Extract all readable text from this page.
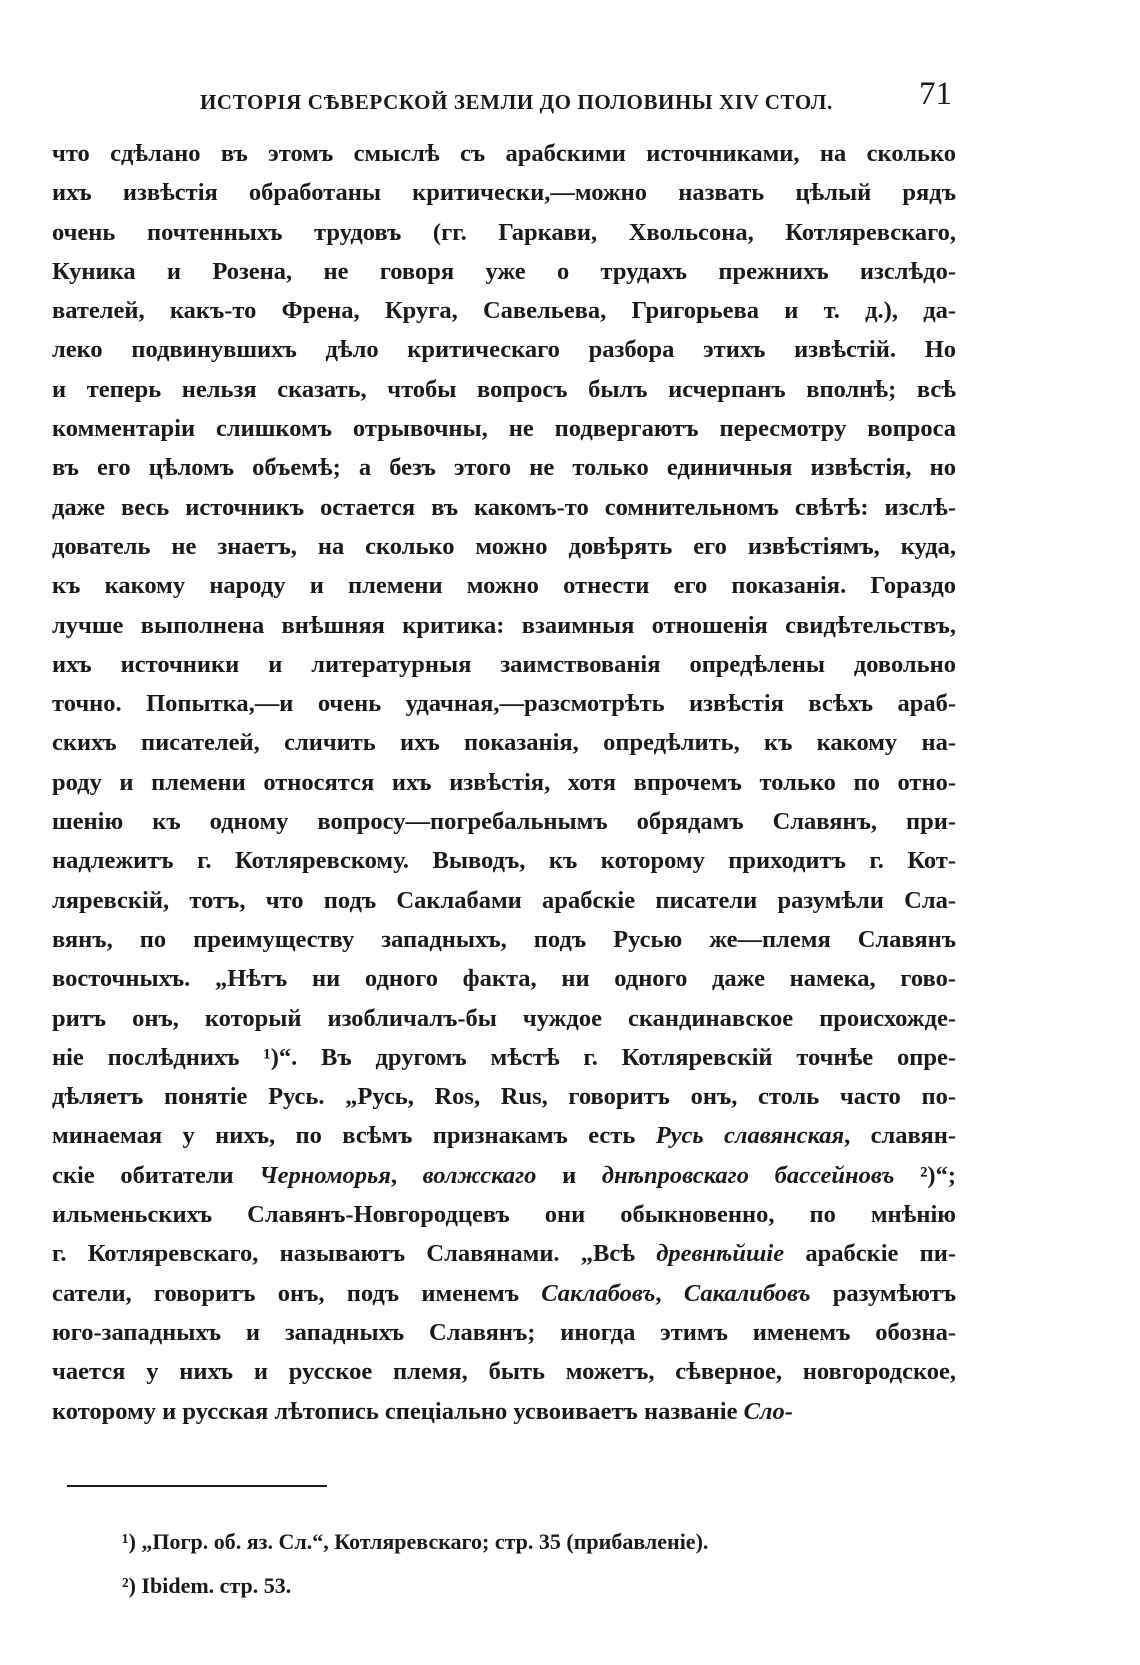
ИСТОРІЯ СѢВЕРСКОЙ ЗЕМЛИ ДО ПОЛОВИНЫ XIV СТОЛ.	71
что сдѣлано въ этомъ смыслѣ съ арабскими источниками, на сколько
ихъ извѣстія обработаны критически,—можно назвать цѣлый рядъ
очень почтенныхъ трудовъ (гг. Гаркави, Хвольсона, Котляревскаго,
Куника и Розена, не говоря уже о трудахъ прежнихъ изслѣдо-
вателей, какъ-то Френа, Круга, Савельева, Григорьева и т. д.), да-
леко подвинувшихъ дѣло критическаго разбора этихъ извѣстій. Но
и теперь нельзя сказать, чтобы вопросъ былъ исчерпанъ вполнѣ; всѣ
комментаріи слишкомъ отрывочны, не подвергаютъ пересмотру вопроса
въ его цѣломъ объемѣ; а безъ этого не только единичныя извѣстія, но
даже весь источникъ остается въ какомъ-то сомнительномъ свѣтѣ: изслѣ-
дователь не знаетъ, на сколько можно довѣрять его извѣстіямъ, куда,
къ какому народу и племени можно отнести его показанія. Гораздо
лучше выполнена внѣшняя критика: взаимныя отношенія свидѣтельствъ,
ихъ источники и литературныя заимствованія опредѣлены довольно
точно. Попытка,—и очень удачная,—разсмотрѣть извѣстія всѣхъ араб-
скихъ писателей, сличить ихъ показанія, опредѣлить, къ какому на-
роду и племени относятся ихъ извѣстія, хотя впрочемъ только по отно-
шенію къ одному вопросу—погребальнымъ обрядамъ Славянъ, при-
надлежитъ г. Котляревскому. Выводъ, къ которому приходитъ г. Кот-
ляревскій, тотъ, что подъ Саклабами арабскіе писатели разумѣли Сла-
вянъ, по преимуществу западныхъ, подъ Русью же—племя Славянъ
восточныхъ. „Нѣтъ ни одного факта, ни одного даже намека, гово-
ритъ онъ, который изобличалъ-бы чуждое скандинавское происхожде-
ніе послѣднихъ ¹)“. Въ другомъ мѣстѣ г. Котляревскій точнѣе опре-
дѣляетъ понятіе Русь. „Русь, Ros, Rus, говоритъ онъ, столь часто по-
минаемая у нихъ, по всѣмъ признакамъ есть Русь славянская, славян-
скіе обитатели Черноморья, волжскаго и днѣпровскаго бассейновъ ²)“;
ильменьскихъ Славянъ-Новгородцевъ они обыкновенно, по мнѣнію
г. Котляревскаго, называютъ Славянами. „Всѣ древнѣйшіе арабскіе пи-
сатели, говоритъ онъ, подъ именемъ Саклабовъ, Сакалибовъ разумѣютъ
юго-западныхъ и западныхъ Славянъ; иногда этимъ именемъ обозна-
чается у нихъ и русское племя, быть можетъ, сѣверное, новгородское,
которому и русская лѣтопись спеціально усвоиваетъ названіе Сло-
¹) „Погр. об. яз. Сл.“, Котляревскаго; стр. 35 (прибавленіе).
²) Ibidem. стр. 53.
